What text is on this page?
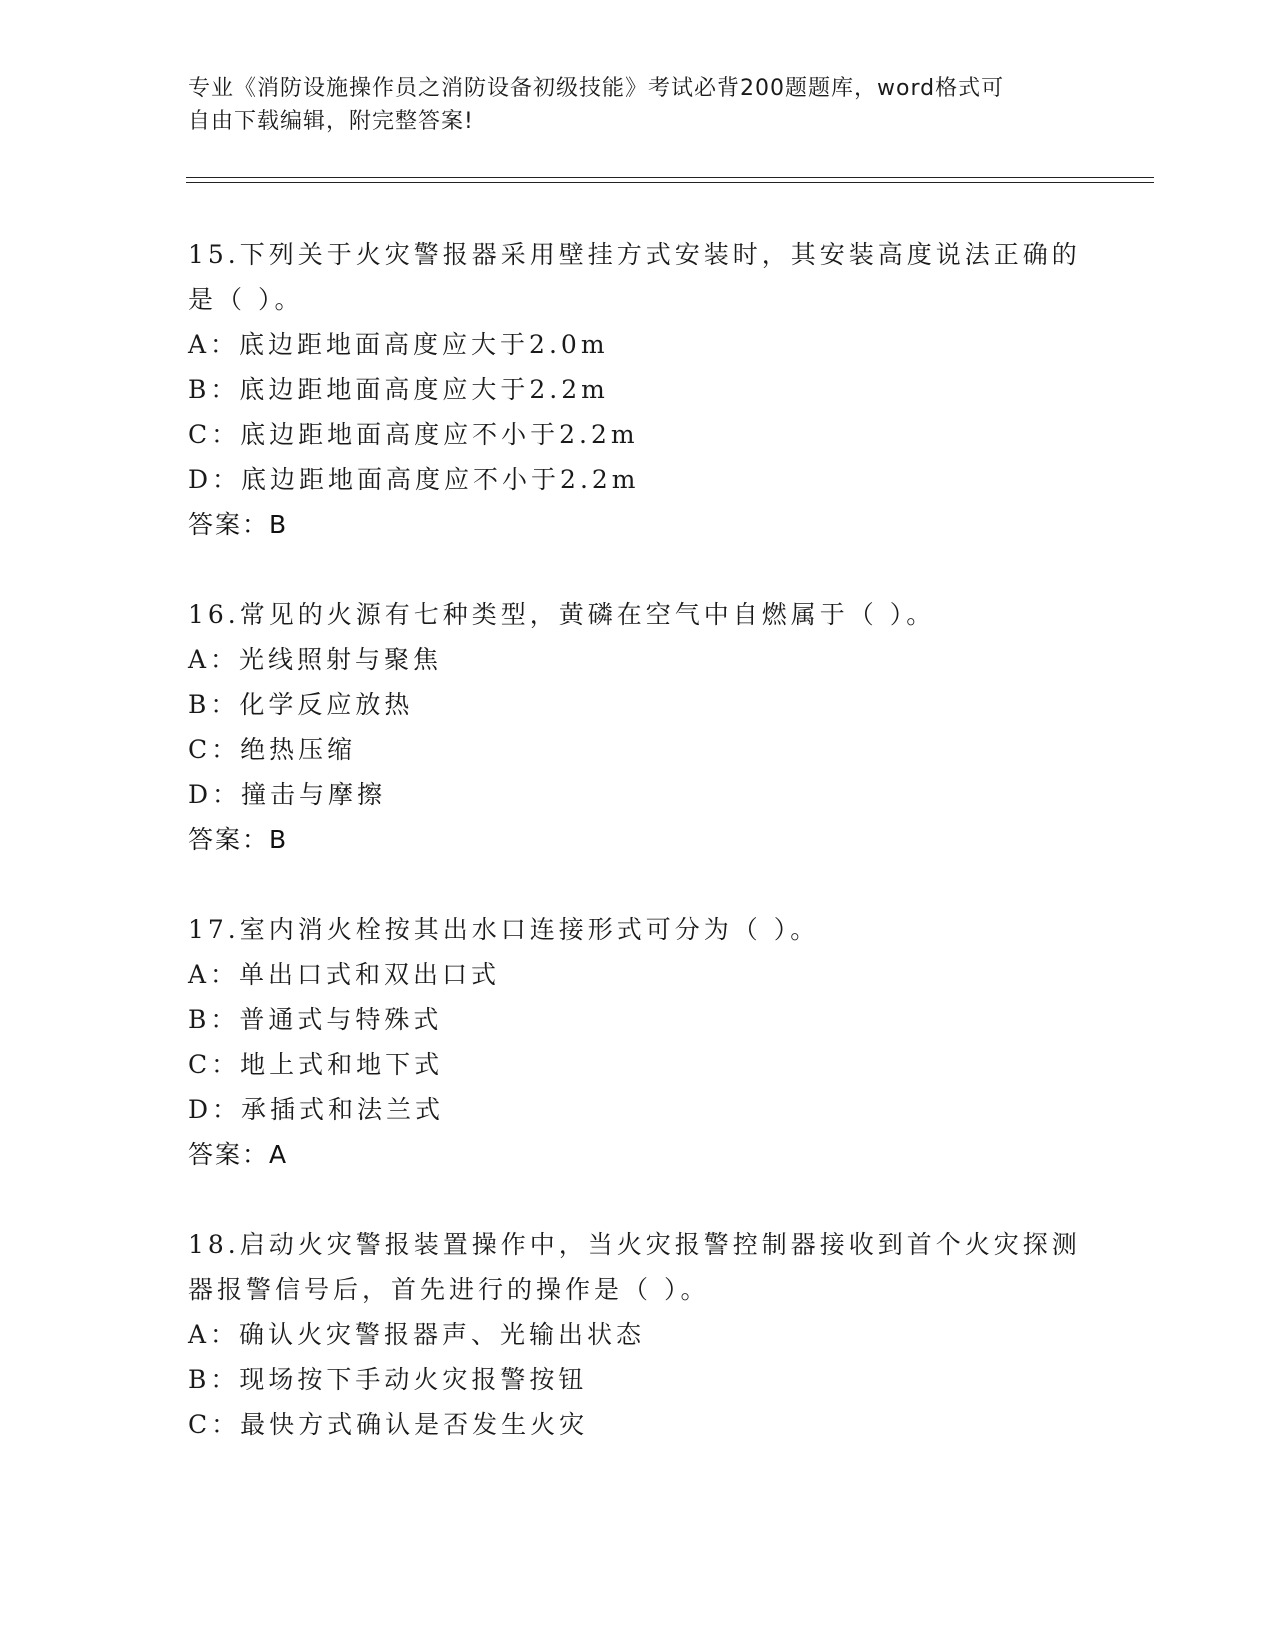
专业《消防设施操作员之消防设备初级技能》考试必背200题题库，word格式可
自由下载编辑，附完整答案!

15.下列关于火灾警报器采用壁挂方式安装时，其安装高度说法正确的

是（ ）。

A：底边距地面高度应大于2.0m

B：底边距地面高度应大于2.2m

C：底边距地面高度应不小于2.2m

D：底边距地面高度应不小于2.2m

答案：B

16.常见的火源有七种类型，黄磷在空气中自燃属于（ ）。

A：光线照射与聚焦

B：化学反应放热

C：绝热压缩

D：撞击与摩擦

答案：B

17.室内消火栓按其出水口连接形式可分为（ ）。

A：单出口式和双出口式

B：普通式与特殊式

C：地上式和地下式

D：承插式和法兰式

答案：A

18.启动火灾警报装置操作中，当火灾报警控制器接收到首个火灾探测

器报警信号后，首先进行的操作是（ ）。

A：确认火灾警报器声、光输出状态

B：现场按下手动火灾报警按钮

C：最快方式确认是否发生火灾
